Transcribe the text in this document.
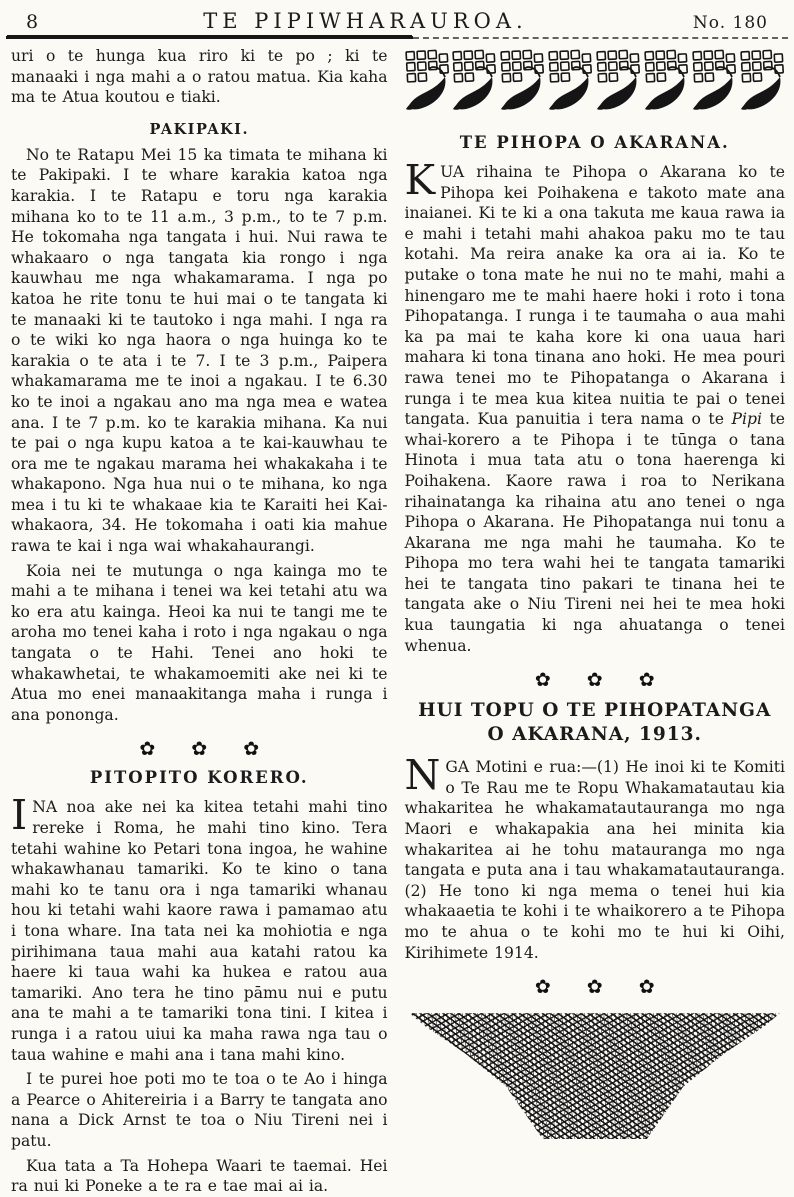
8	TE PIPIWHARAUROA.	No. 180

uri o te hunga kua riro ki te po ; ki te manaaki i nga mahi a o ratou matua. Kia kaha ma te Atua koutou e tiaki.

PAKIPAKI.

No te Ratapu Mei 15 ka timata te mihana ki te Pakipaki. I te whare karakia katoa nga karakia. I te Ratapu e toru nga karakia mihana ko to te 11 a.m., 3 p.m., to te 7 p.m. He tokomaha nga tangata i hui. Nui rawa te whakaaro o nga tangata kia rongo i nga kauwhau me nga whakamarama. I nga po katoa he rite tonu te hui mai o te tangata ki te manaaki ki te tautoko i nga mahi. I nga ra o te wiki ko nga haora o nga huinga ko te karakia o te ata i te 7. I te 3 p.m., Paipera whakamarama me te inoi a ngakau. I te 6.30 ko te inoi a ngakau ano ma nga mea e watea ana. I te 7 p.m. ko te karakia mihana. Ka nui te pai o nga kupu katoa a te kai-kauwhau te ora me te ngakau marama hei whakakaha i te whakapono. Nga hua nui o te mihana, ko nga mea i tu ki te whakaae kia te Karaiti hei Kai-whakaora, 34. He tokomaha i oati kia mahue rawa te kai i nga wai whakahaurangi.

Koia nei te mutunga o nga kainga mo te mahi a te mihana i tenei wa kei tetahi atu wa ko era atu kainga. Heoi ka nui te tangi me te aroha mo tenei kaha i roto i nga ngakau o nga tangata o te Hahi. Tenei ano hoki te whakawhetai, te whakamoemiti ake nei ki te Atua mo enei manaakitanga maha i runga i ana pononga.

✿ ✿ ✿
PITOPITO KORERO.

INA noa ake nei ka kitea tetahi mahi tino rereke i Roma, he mahi tino kino. Tera tetahi wahine ko Petari tona ingoa, he wahine whakawhanau tamariki. Ko te kino o tana mahi ko te tanu ora i nga tamariki whanau hou ki tetahi wahi kaore rawa i pamamao atu i tona whare. Ina tata nei ka mohiotia e nga pirihimana taua mahi aua katahi ratou ka haere ki taua wahi ka hukea e ratou aua tamariki. Ano tera he tino pāmu nui e putu ana te mahi a te tamariki tona tini. I kitea i runga i a ratou uiui ka maha rawa nga tau o taua wahine e mahi ana i tana mahi kino.

I te purei hoe poti mo te toa o te Ao i hinga a Pearce o Ahitereiria i a Barry te tangata ano nana a Dick Arnst te toa o Niu Tireni nei i patu.

Kua tata a Ta Hohepa Waari te taemai. Hei ra nui ki Poneke a te ra e tae mai ai ia.

TE PIHOPA O AKARANA.

KUA rihaina te Pihopa o Akarana ko te Pihopa kei Poihakena e takoto mate ana inaianei. Ki te ki a ona takuta me kaua rawa ia e mahi i tetahi mahi ahakoa paku mo te tau kotahi. Ma reira anake ka ora ai ia. Ko te putake o tona mate he nui no te mahi, mahi a hinengaro me te mahi haere hoki i roto i tona Pihopatanga. I runga i te taumaha o aua mahi ka pa mai te kaha kore ki ona uaua hari mahara ki tona tinana ano hoki. He mea pouri rawa tenei mo te Pihopatanga o Akarana i runga i te mea kua kitea nuitia te pai o tenei tangata. Kua panuitia i tera nama o te Pipi te whai-korero a te Pihopa i te tūnga o tana Hinota i mua tata atu o tona haerenga ki Poihakena. Kaore rawa i roa to Nerikana rihainatanga ka rihaina atu ano tenei o nga Pihopa o Akarana. He Pihopatanga nui tonu a Akarana me nga mahi he taumaha. Ko te Pihopa mo tera wahi hei te tangata tamariki hei te tangata tino pakari te tinana hei te tangata ake o Niu Tireni nei hei te mea hoki kua taungatia ki nga ahuatanga o tenei whenua.

✿ ✿ ✿
HUI TOPU O TE PIHOPATANGA
O AKARANA, 1913.

NGA Motini e rua:—(1) He inoi ki te Komiti o Te Rau me te Ropu Whakamatautau kia whakaritea he whakamatautauranga mo nga Maori e whakapakia ana hei minita kia whakaritea ai he tohu matauranga mo nga tangata e puta ana i tau whakamatautauranga. (2) He tono ki nga mema o tenei hui kia whakaaetia te kohi i te whaikorero a te Pihopa mo te ahua o te kohi mo te hui ki Oihi, Kirihimete 1914.

✿ ✿ ✿
